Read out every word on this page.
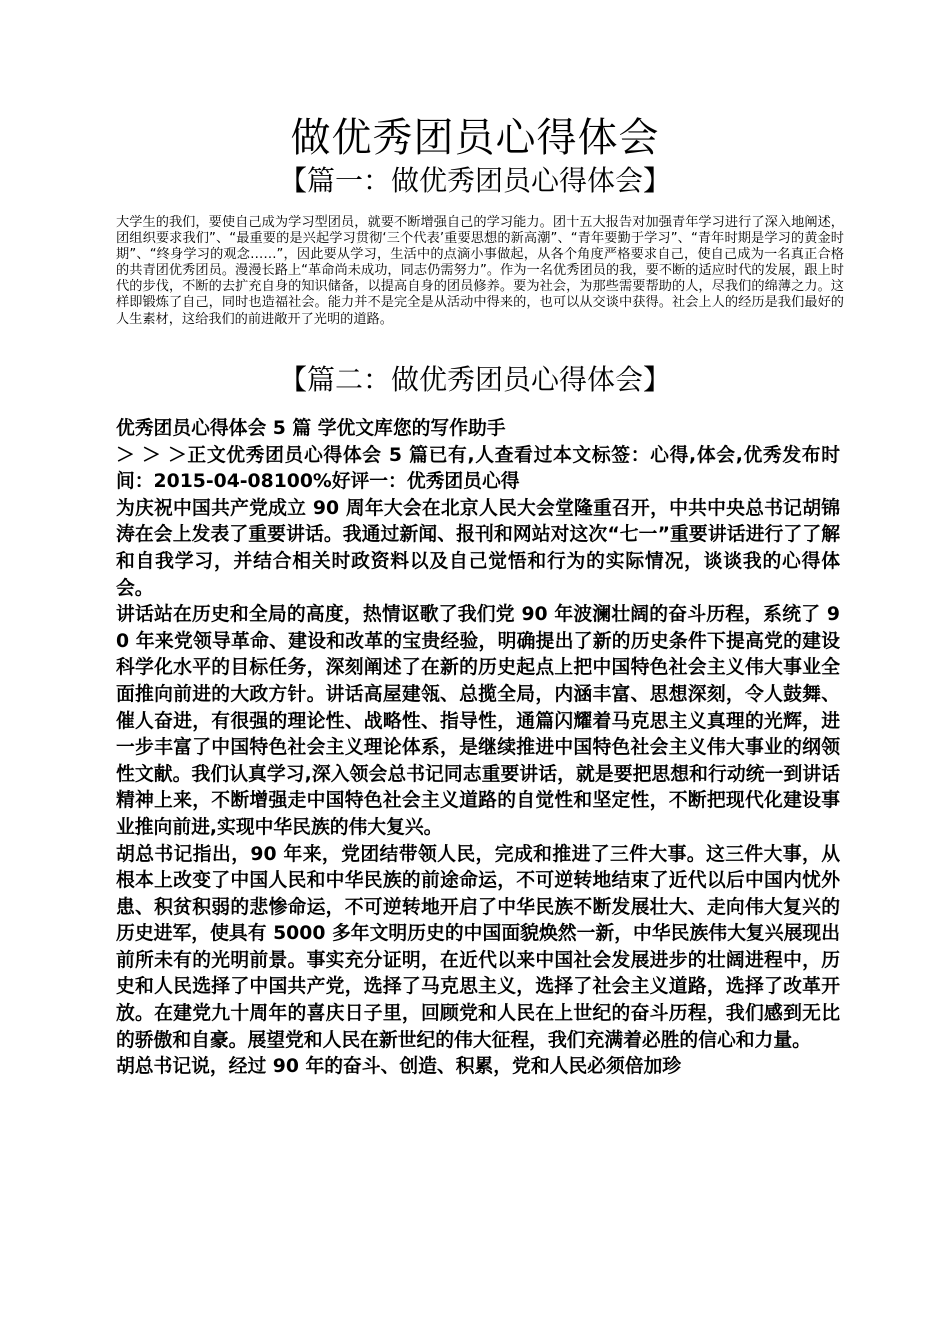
做优秀团员心得体会
【篇一：做优秀团员心得体会】

大学生的我们，要使自己成为学习型团员，就要不断增强自己的学习能力。团十五大报告对加强青年学习进行了深入地阐述，团组织要求我们”、“最重要的是兴起学习贯彻‘三个代表’重要思想的新高潮”、“青年要勤于学习”、“青年时期是学习的黄金时期”、“终身学习的观念……”，因此要从学习，生活中的点滴小事做起，从各个角度严格要求自己，使自己成为一名真正合格的共青团优秀团员。漫漫长路上“革命尚未成功，同志仍需努力”。作为一名优秀团员的我，要不断的适应时代的发展，跟上时代的步伐，不断的去扩充自身的知识储备，以提高自身的团员修养。要为社会，为那些需要帮助的人，尽我们的绵薄之力。这样即锻炼了自己，同时也造福社会。能力并不是完全是从活动中得来的，也可以从交谈中获得。社会上人的经历是我们最好的人生素材，这给我们的前进敞开了光明的道路。

【篇二：做优秀团员心得体会】

优秀团员心得体会 5 篇 学优文库您的写作助手

＞ ＞ ＞正文优秀团员心得体会 5 篇已有,人查看过本文标签：心得,体会,优秀发布时间：2015-04-08100%好评一：优秀团员心得

为庆祝中国共产党成立 90 周年大会在北京人民大会堂隆重召开，中共中央总书记胡锦涛在会上发表了重要讲话。我通过新闻、报刊和网站对这次“七一”重要讲话进行了了解和自我学习，并结合相关时政资料以及自己觉悟和行为的实际情况，谈谈我的心得体会。

讲话站在历史和全局的高度，热情讴歌了我们党 90 年波澜壮阔的奋斗历程，系统了 90 年来党领导革命、建设和改革的宝贵经验，明确提出了新的历史条件下提高党的建设科学化水平的目标任务，深刻阐述了在新的历史起点上把中国特色社会主义伟大事业全面推向前进的大政方针。讲话高屋建瓴、总揽全局，内涵丰富、思想深刻，令人鼓舞、催人奋进，有很强的理论性、战略性、指导性，通篇闪耀着马克思主义真理的光辉，进一步丰富了中国特色社会主义理论体系，是继续推进中国特色社会主义伟大事业的纲领性文献。我们认真学习,深入领会总书记同志重要讲话，就是要把思想和行动统一到讲话精神上来，不断增强走中国特色社会主义道路的自觉性和坚定性，不断把现代化建设事业推向前进,实现中华民族的伟大复兴。

胡总书记指出，90 年来，党团结带领人民，完成和推进了三件大事。这三件大事，从根本上改变了中国人民和中华民族的前途命运，不可逆转地结束了近代以后中国内忧外患、积贫积弱的悲惨命运，不可逆转地开启了中华民族不断发展壮大、走向伟大复兴的历史进军，使具有 5000 多年文明历史的中国面貌焕然一新，中华民族伟大复兴展现出前所未有的光明前景。事实充分证明，在近代以来中国社会发展进步的壮阔进程中，历史和人民选择了中国共产党，选择了马克思主义，选择了社会主义道路，选择了改革开放。在建党九十周年的喜庆日子里，回顾党和人民在上世纪的奋斗历程，我们感到无比的骄傲和自豪。展望党和人民在新世纪的伟大征程，我们充满着必胜的信心和力量。

胡总书记说，经过 90 年的奋斗、创造、积累，党和人民必须倍加珍
